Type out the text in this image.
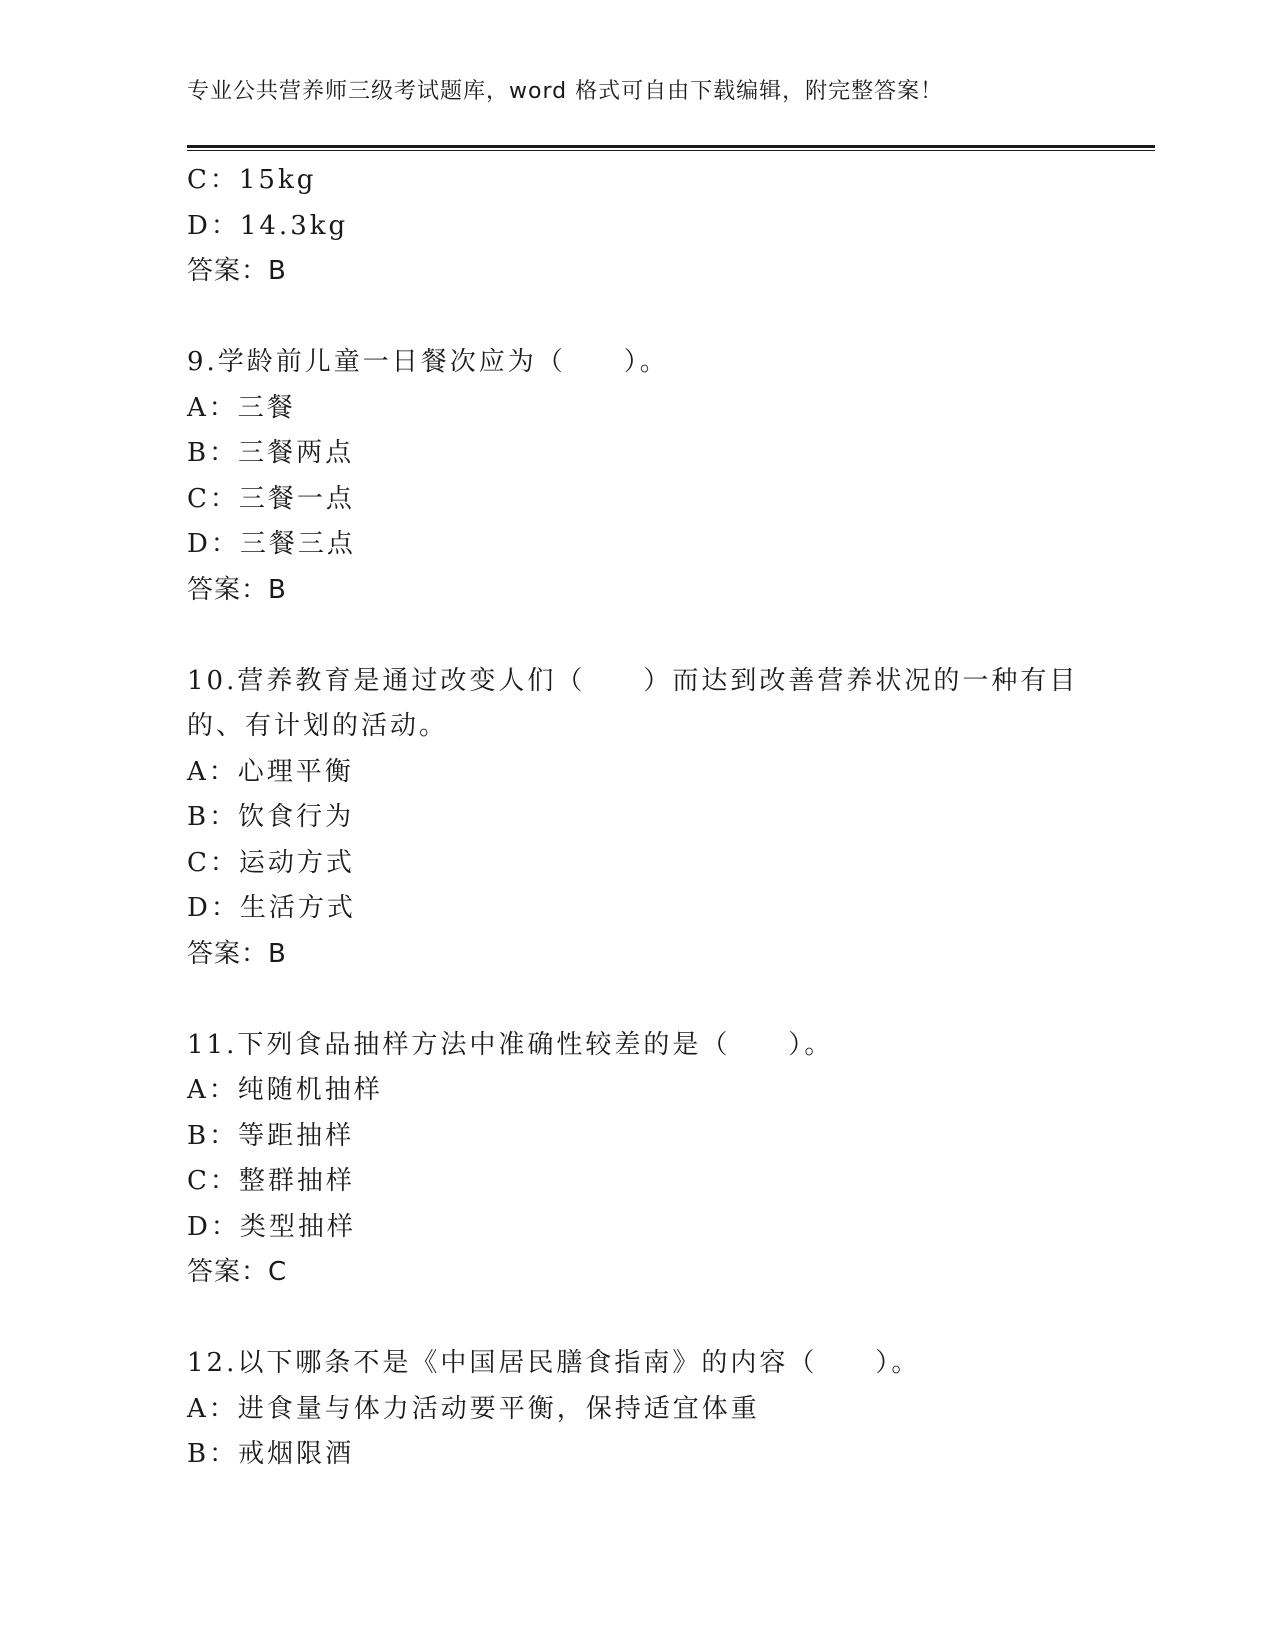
专业公共营养师三级考试题库，word 格式可自由下载编辑，附完整答案！
C：15kg
D：14.3kg
答案：B
9.学龄前儿童一日餐次应为（　　）。
A：三餐
B：三餐两点
C：三餐一点
D：三餐三点
答案：B
10.营养教育是通过改变人们（　　）而达到改善营养状况的一种有目
的、有计划的活动。
A：心理平衡
B：饮食行为
C：运动方式
D：生活方式
答案：B
11.下列食品抽样方法中准确性较差的是（　　）。
A：纯随机抽样
B：等距抽样
C：整群抽样
D：类型抽样
答案：C
12.以下哪条不是《中国居民膳食指南》的内容（　　）。
A：进食量与体力活动要平衡，保持适宜体重
B：戒烟限酒
